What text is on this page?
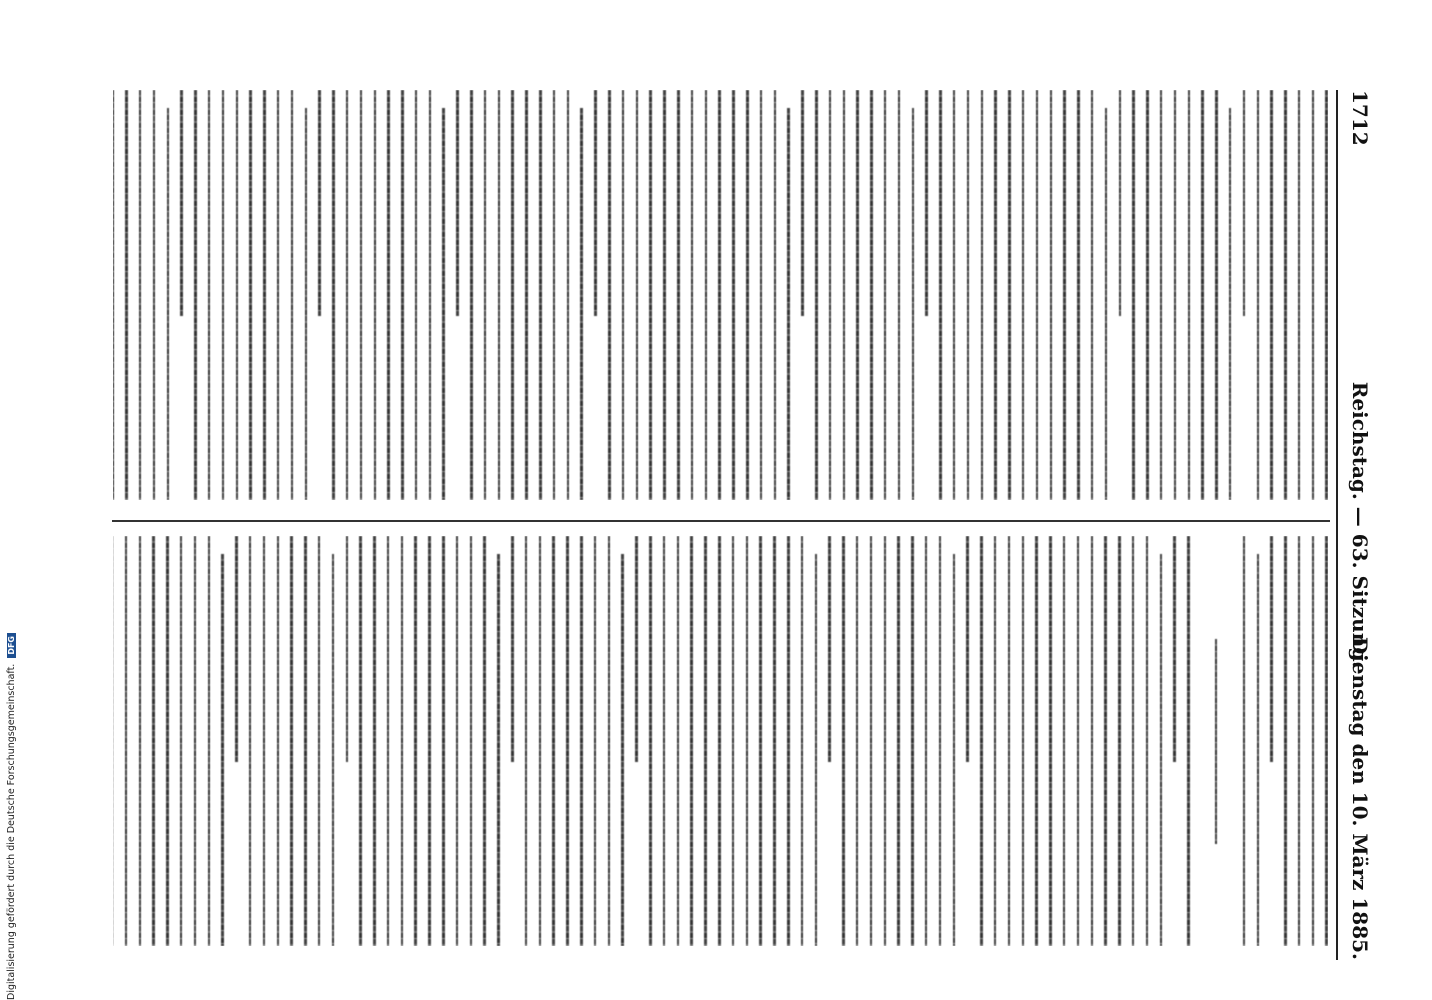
Digitalisierung gefördert durch die Deutsche Forschungsgemeinschaft.DFG
1712
Reichstag. — 63. Sitzung.
Dienstag den 10. März 1885.
